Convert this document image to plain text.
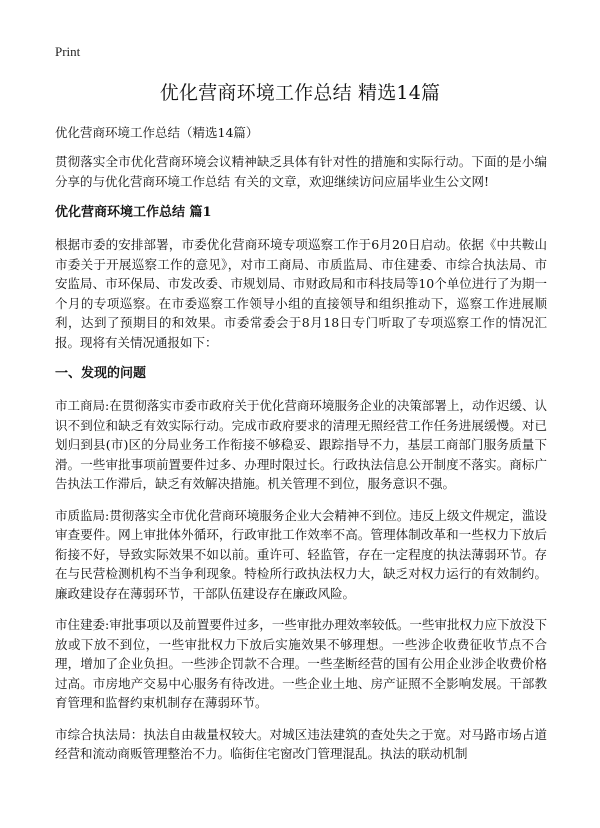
Print
优化营商环境工作总结 精选14篇

优化营商环境工作总结（精选14篇）

贯彻落实全市优化营商环境会议精神缺乏具体有针对性的措施和实际行动。下面的是小编分享的与优化营商环境工作总结 有关的文章，欢迎继续访问应届毕业生公文网!

优化营商环境工作总结 篇1

根据市委的安排部署，市委优化营商环境专项巡察工作于6月20日启动。依据《中共鞍山市委关于开展巡察工作的意见》，对市工商局、市质监局、市住建委、市综合执法局、市安监局、市环保局、市发改委、市规划局、市财政局和市科技局等10个单位进行了为期一个月的专项巡察。在市委巡察工作领导小组的直接领导和组织推动下，巡察工作进展顺利，达到了预期目的和效果。市委常委会于8月18日专门听取了专项巡察工作的情况汇报。现将有关情况通报如下：

一、发现的问题

市工商局:在贯彻落实市委市政府关于优化营商环境服务企业的决策部署上，动作迟缓、认识不到位和缺乏有效实际行动。完成市政府要求的清理无照经营工作任务进展缓慢。对已划归到县(市)区的分局业务工作衔接不够稳妥、跟踪指导不力，基层工商部门服务质量下滑。一些审批事项前置要件过多、办理时限过长。行政执法信息公开制度不落实。商标广告执法工作滞后，缺乏有效解决措施。机关管理不到位，服务意识不强。

市质监局:贯彻落实全市优化营商环境服务企业大会精神不到位。违反上级文件规定，滥设审查要件。网上审批体外循环，行政审批工作效率不高。管理体制改革和一些权力下放后衔接不好，导致实际效果不如以前。重许可、轻监管，存在一定程度的执法薄弱环节。存在与民营检测机构不当争利现象。特检所行政执法权力大，缺乏对权力运行的有效制约。廉政建设存在薄弱环节，干部队伍建设存在廉政风险。

市住建委:审批事项以及前置要件过多，一些审批办理效率较低。一些审批权力应下放没下放或下放不到位，一些审批权力下放后实施效果不够理想。一些涉企收费征收节点不合理，增加了企业负担。一些涉企罚款不合理。一些垄断经营的国有公用企业涉企收费价格过高。市房地产交易中心服务有待改进。一些企业土地、房产证照不全影响发展。干部教育管理和监督约束机制存在薄弱环节。

市综合执法局：执法自由裁量权较大。对城区违法建筑的查处失之于宽。对马路市场占道经营和流动商贩管理整治不力。临街住宅窗改门管理混乱。执法的联动机制
